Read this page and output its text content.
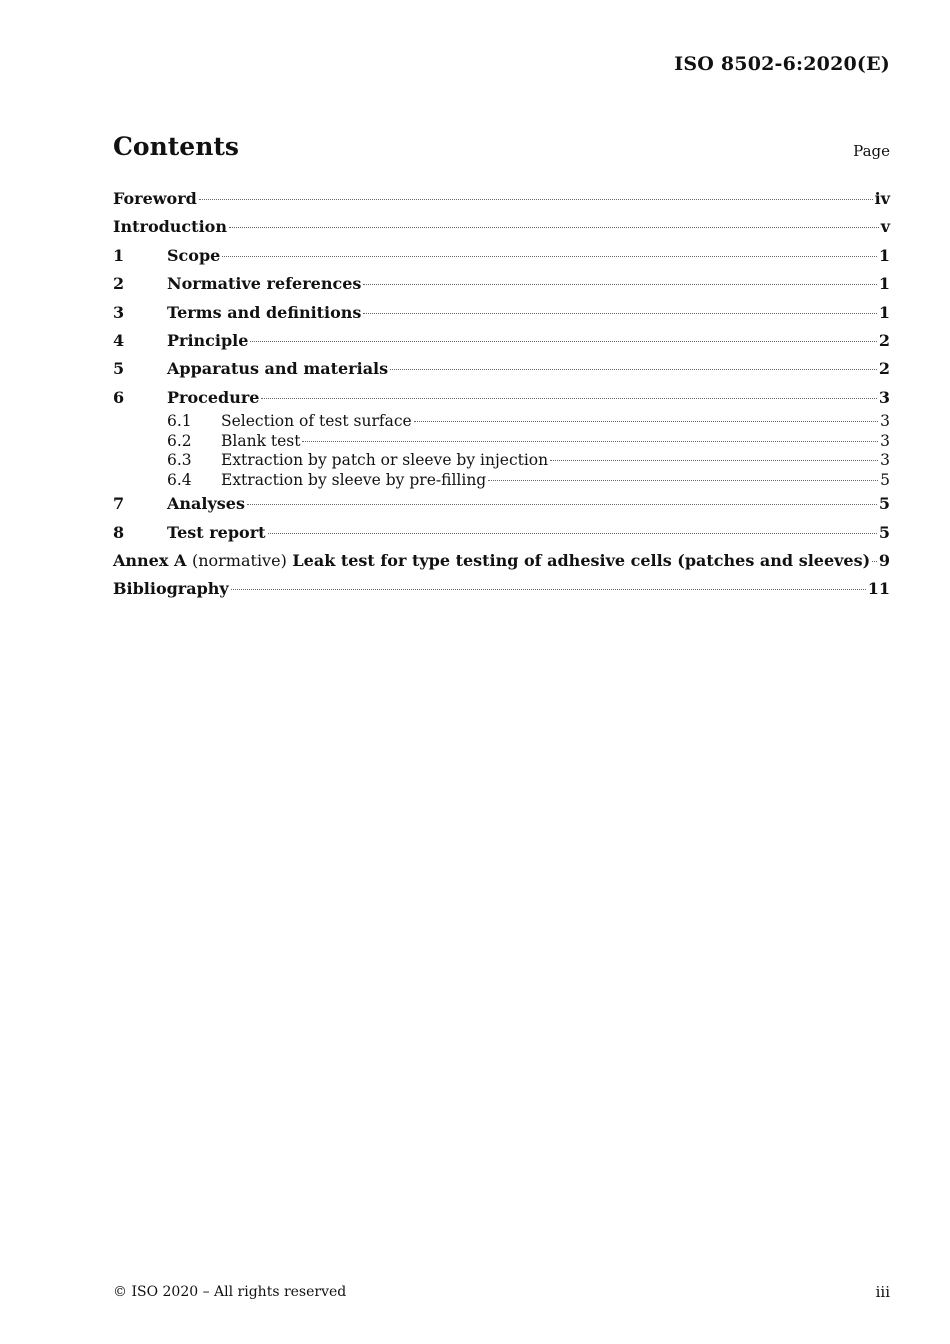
ISO 8502-6:2020(E)
Contents	Page
Foreword	iv
Introduction	v
1	Scope	1
2	Normative references	1
3	Terms and definitions	1
4	Principle	2
5	Apparatus and materials	2
6	Procedure	3
6.1	Selection of test surface	3
6.2	Blank test	3
6.3	Extraction by patch or sleeve by injection	3
6.4	Extraction by sleeve by pre-filling	5
7	Analyses	5
8	Test report	5
Annex A (normative) Leak test for type testing of adhesive cells (patches and sleeves) 9
Bibliography	11
© ISO 2020 – All rights reserved	iii
